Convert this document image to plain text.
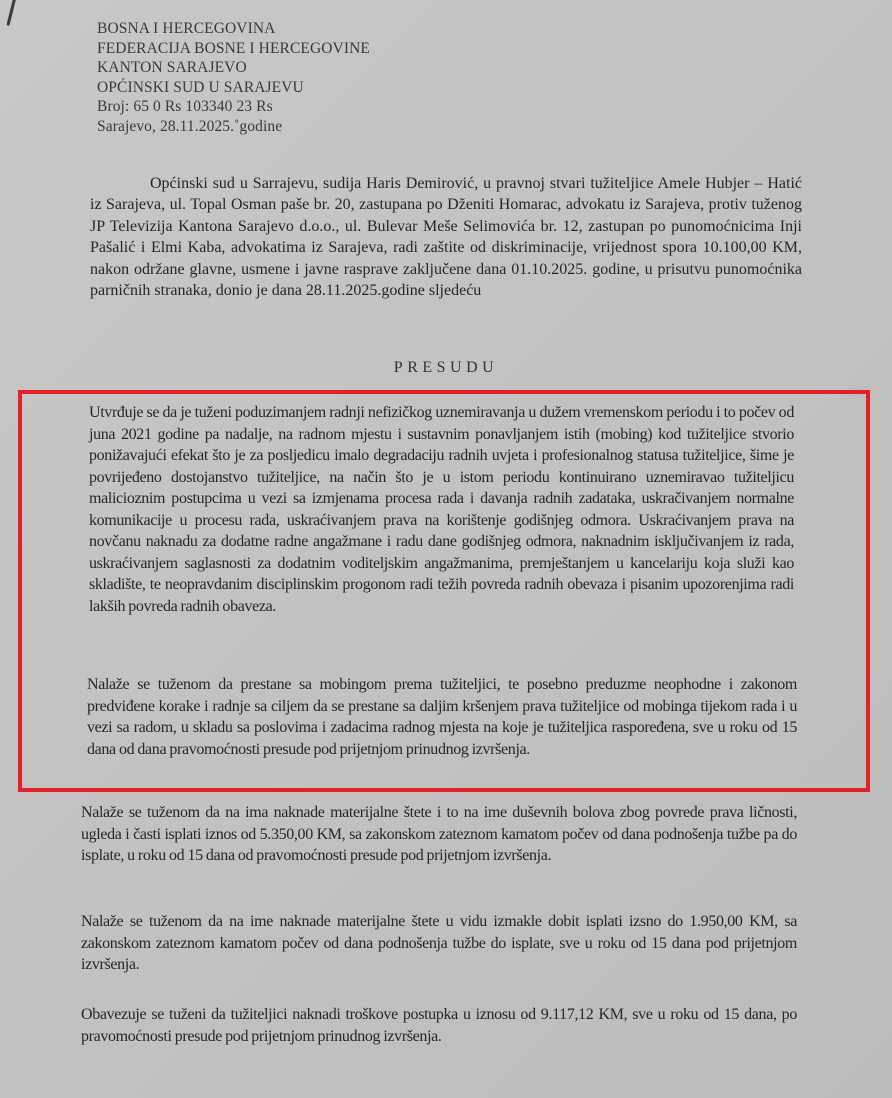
BOSNA I HERCEGOVINA
FEDERACIJA BOSNE I HERCEGOVINE
KANTON SARAJEVO
OPĆINSKI SUD U SARAJEVU
Broj: 65 0 Rs 103340 23 Rs
Sarajevo, 28.11.2025.˚godine
Općinski sud u Sarrajevu, sudija Haris Demirović, u pravnoj stvari tužiteljice Amele Hubjer – Hatić iz Sarajeva, ul. Topal Osman paše br. 20, zastupana po Dženiti Homarac, advokatu iz Sarajeva, protiv tuženog JP Televizija Kantona Sarajevo d.o.o., ul. Bulevar Meše Selimovića br. 12, zastupan po punomoćnicima Inji Pašalić i Elmi Kaba, advokatima iz Sarajeva, radi zaštite od diskriminacije, vrijednost spora 10.100,00 KM, nakon održane glavne, usmene i javne rasprave zaključene dana 01.10.2025. godine, u prisutvu punomoćnika parničnih stranaka, donio je dana 28.11.2025.godine sljedeću
PRESUDU
Utvrđuje se da je tuženi poduzimanjem radnji nefizičkog uznemiravanja u dužem vremenskom periodu i to počev od juna 2021 godine pa nadalje, na radnom mjestu i sustavnim ponavljanjem istih (mobing) kod tužiteljice stvorio ponižavajući efekat što je za posljedicu imalo degradaciju radnih uvjeta i profesionalnog statusa tužiteljice, šime je povrijeđeno dostojanstvo tužiteljice, na način što je u istom periodu kontinuirano uznemiravao tužiteljicu malicioznim postupcima u vezi sa izmjenama procesa rada i davanja radnih zadataka, uskračivanjem normalne komunikacije u procesu rada, uskraćivanjem prava na korištenje godišnjeg odmora. Uskraćivanjem prava na novčanu naknadu za dodatne radne angažmane i radu dane godišnjeg odmora, naknadnim isključivanjem iz rada, uskraćivanjem saglasnosti za dodatnim voditeljskim angažmanima, premještanjem u kancelariju koja služi kao skladište, te neopravdanim disciplinskim progonom radi težih povreda radnih obevaza i pisanim upozorenjima radi lakših povreda radnih obaveza.
Nalaže se tuženom da prestane sa mobingom prema tužiteljici, te posebno preduzme neophodne i zakonom predviđene korake i radnje sa ciljem da se prestane sa daljim kršenjem prava tužiteljice od mobinga tijekom rada i u vezi sa radom, u skladu sa poslovima i zadacima radnog mjesta na koje je tužiteljica raspoređena, sve u roku od 15 dana od dana pravomoćnosti presude pod prijetnjom prinudnog izvršenja.
Nalaže se tuženom da na ima naknade materijalne štete i to na ime duševnih bolova zbog povrede prava ličnosti, ugleda i časti isplati iznos od 5.350,00 KM, sa zakonskom zateznom kamatom počev od dana podnošenja tužbe pa do isplate, u roku od 15 dana od pravomoćnosti presude pod prijetnjom izvršenja.
Nalaže se tuženom da na ime naknade materijalne štete u vidu izmakle dobit isplati izsno do 1.950,00 KM, sa zakonskom zateznom kamatom počev od dana podnošenja tužbe do isplate, sve u roku od 15 dana pod prijetnjom izvršenja.
Obavezuje se tuženi da tužiteljici naknadi troškove postupka u iznosu od 9.117,12 KM, sve u roku od 15 dana, po pravomoćnosti presude pod prijetnjom prinudnog izvršenja.
